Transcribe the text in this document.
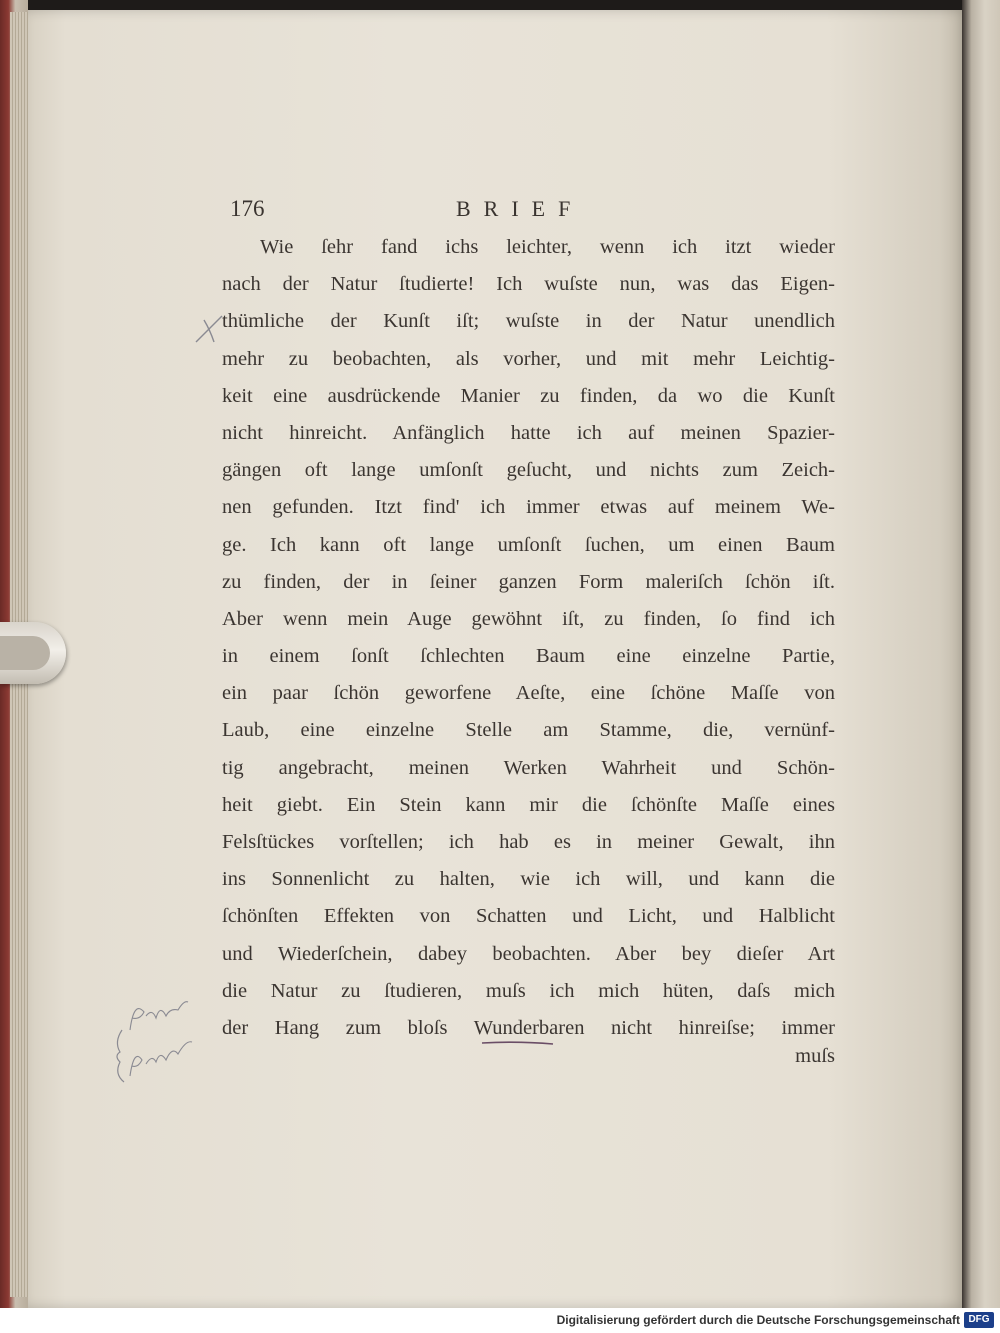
176	BRIEF
Wie ſehr fand ichs leichter, wenn ich itzt wieder
nach der Natur ſtudierte! Ich wuſste nun, was das Eigen-
thümliche der Kunſt iſt; wuſste in der Natur unendlich
mehr zu beobachten, als vorher, und mit mehr Leichtig-
keit eine ausdrückende Manier zu finden, da wo die Kunſt
nicht hinreicht. Anfänglich hatte ich auf meinen Spazier-
gängen oft lange umſonſt geſucht, und nichts zum Zeich-
nen gefunden. Itzt find' ich immer etwas auf meinem We-
ge. Ich kann oft lange umſonſt ſuchen, um einen Baum
zu finden, der in ſeiner ganzen Form maleriſch ſchön iſt.
Aber wenn mein Auge gewöhnt iſt, zu finden, ſo find ich
in einem ſonſt ſchlechten Baum eine einzelne Partie,
ein paar ſchön geworfene Aeſte, eine ſchöne Maſſe von
Laub, eine einzelne Stelle am Stamme, die, vernünf-
tig angebracht, meinen Werken Wahrheit und Schön-
heit giebt. Ein Stein kann mir die ſchönſte Maſſe eines
Felsſtückes vorſtellen; ich hab es in meiner Gewalt, ihn
ins Sonnenlicht zu halten, wie ich will, und kann die
ſchönſten Effekten von Schatten und Licht, und Halblicht
und Wiederſchein, dabey beobachten. Aber bey dieſer Art
die Natur zu ſtudieren, muſs ich mich hüten, daſs mich
der Hang zum bloſs Wunderbaren nicht hinreiſse; immer
muſs
Digitalisierung gefördert durch die Deutsche Forschungsgemeinschaft DFG
